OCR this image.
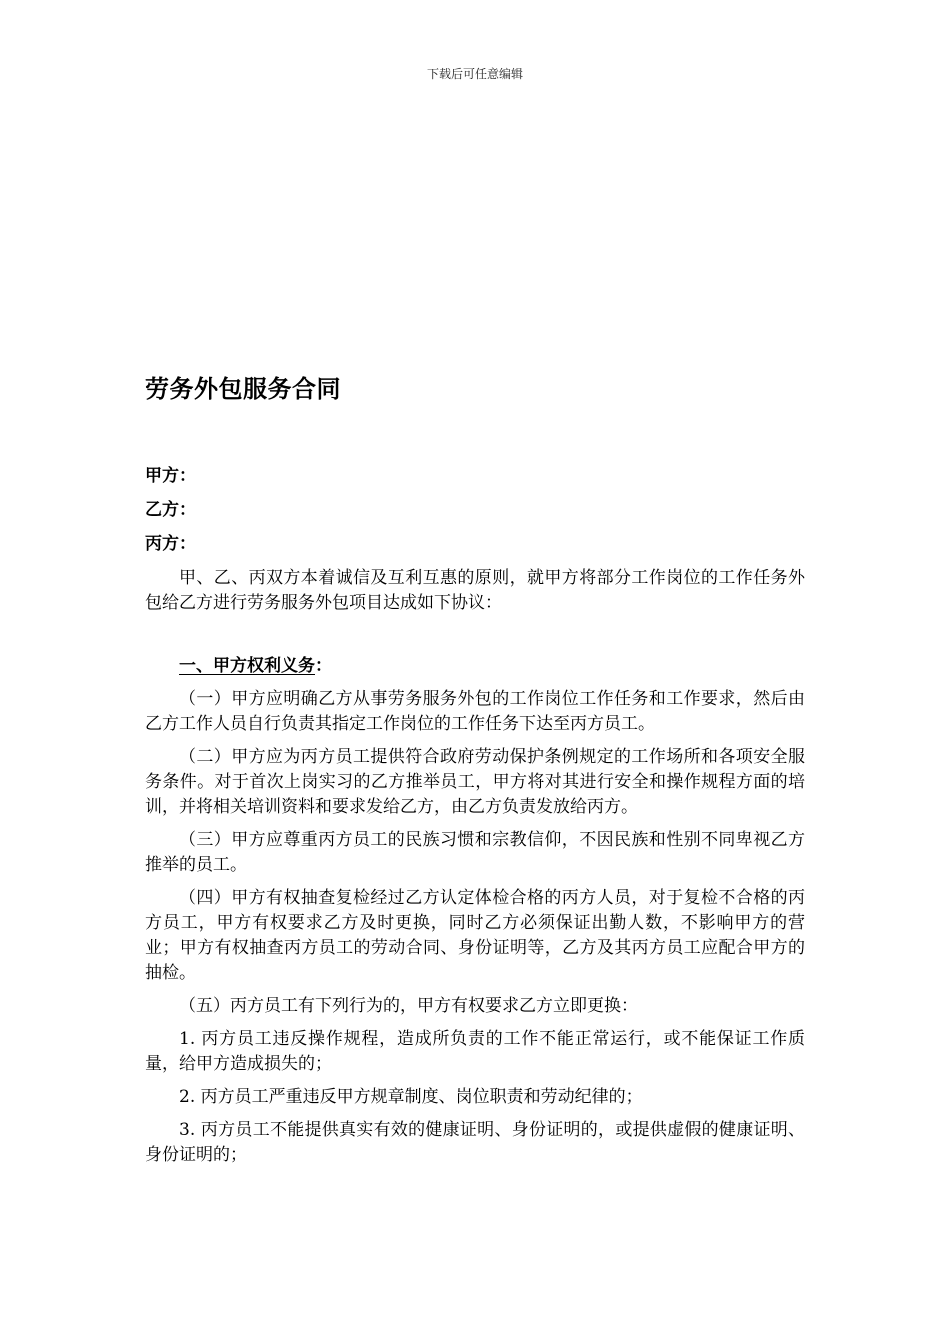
下载后可任意编辑
劳务外包服务合同

甲方：

乙方：

丙方：

甲、乙、丙双方本着诚信及互利互惠的原则，就甲方将部分工作岗位的工作任务外包给乙方进行劳务服务外包项目达成如下协议：

一、甲方权利义务：

（一）甲方应明确乙方从事劳务服务外包的工作岗位工作任务和工作要求，然后由乙方工作人员自行负责其指定工作岗位的工作任务下达至丙方员工。

（二）甲方应为丙方员工提供符合政府劳动保护条例规定的工作场所和各项安全服务条件。对于首次上岗实习的乙方推举员工，甲方将对其进行安全和操作规程方面的培训，并将相关培训资料和要求发给乙方，由乙方负责发放给丙方。

（三）甲方应尊重丙方员工的民族习惯和宗教信仰，不因民族和性别不同卑视乙方推举的员工。

（四）甲方有权抽查复检经过乙方认定体检合格的丙方人员，对于复检不合格的丙方员工，甲方有权要求乙方及时更换，同时乙方必须保证出勤人数，不影响甲方的营业；甲方有权抽查丙方员工的劳动合同、身份证明等，乙方及其丙方员工应配合甲方的抽检。

（五）丙方员工有下列行为的，甲方有权要求乙方立即更换：

1. 丙方员工违反操作规程，造成所负责的工作不能正常运行，或不能保证工作质量，给甲方造成损失的；

2. 丙方员工严重违反甲方规章制度、岗位职责和劳动纪律的；

3. 丙方员工不能提供真实有效的健康证明、身份证明的，或提供虚假的健康证明、身份证明的；
